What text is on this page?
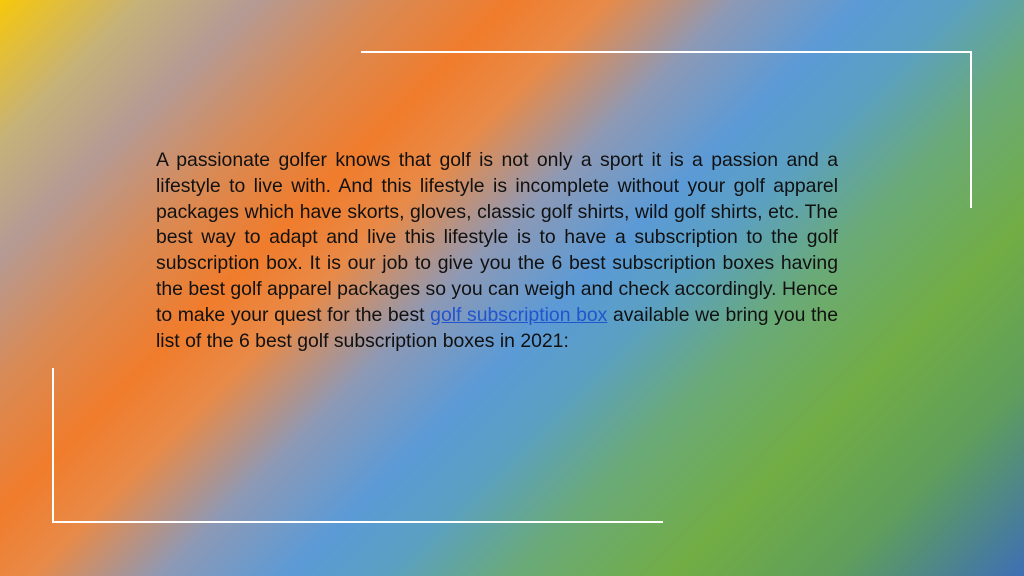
A passionate golfer knows that golf is not only a sport it is a passion and a lifestyle to live with. And this lifestyle is incomplete without your golf apparel packages which have skorts, gloves, classic golf shirts, wild golf shirts, etc. The best way to adapt and live this lifestyle is to have a subscription to the golf subscription box. It is our job to give you the 6 best subscription boxes having the best golf apparel packages so you can weigh and check accordingly. Hence to make your quest for the best golf subscription box available we bring you the list of the 6 best golf subscription boxes in 2021:
